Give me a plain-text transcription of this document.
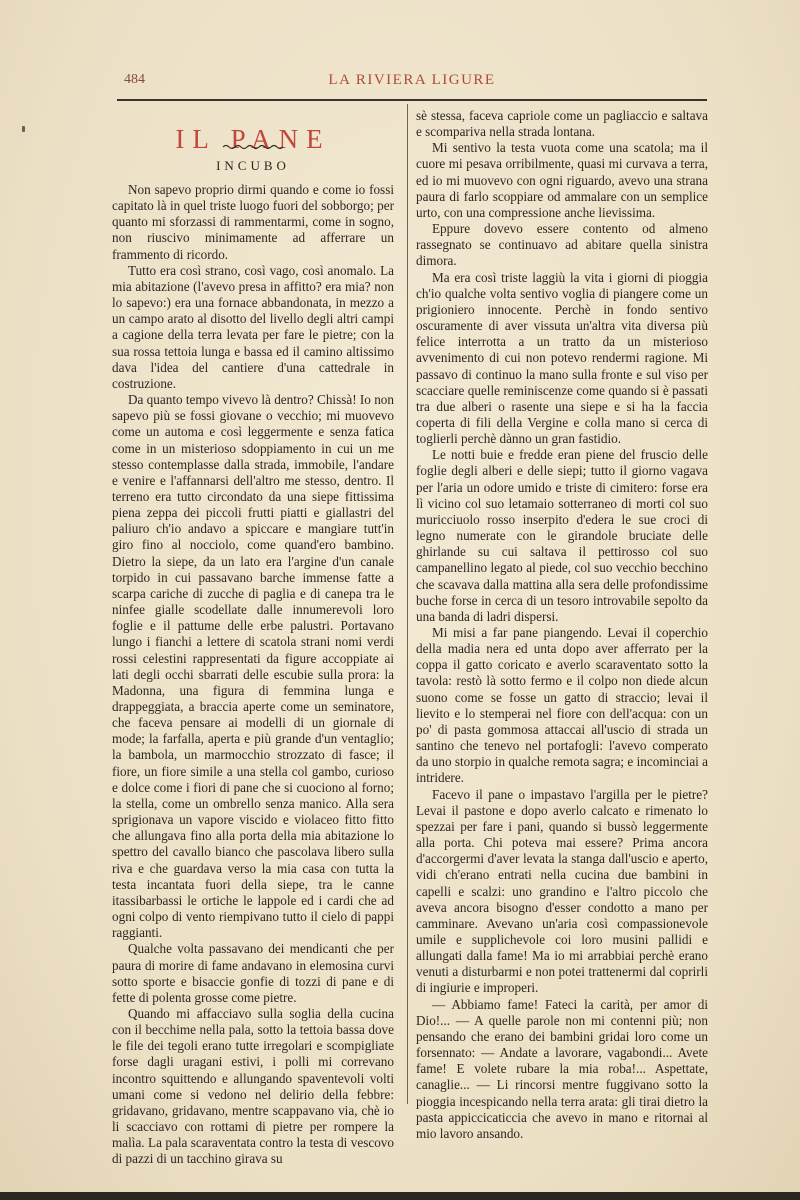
484	LA RIVIERA LIGURE
IL PANE
INCUBO

Non sapevo proprio dirmi quando e come io fossi capitato là in quel triste luogo fuori del sobborgo; per quanto mi sforzassi di rammentarmi, come in sogno, non riuscivo minimamente ad afferrare un frammento di ricordo.

Tutto era così strano, così vago, così anomalo. La mia abitazione (l'avevo presa in affitto? era mia? non lo sapevo:) era una fornace abbandonata, in mezzo a un campo arato al disotto del livello degli altri campi a cagione della terra levata per fare le pietre; con la sua rossa tettoia lunga e bassa ed il camino altissimo dava l'idea del cantiere d'una cattedrale in costruzione.

Da quanto tempo vivevo là dentro? Chissà! Io non sapevo più se fossi giovane o vecchio; mi muovevo come un automa e così leggermente e senza fatica come in un misterioso sdoppiamento in cui un me stesso contemplasse dalla strada, immobile, l'andare e venire e l'affannarsi dell'altro me stesso, dentro. Il terreno era tutto circondato da una siepe fittissima piena zeppa dei piccoli frutti piatti e giallastri del paliuro ch'io andavo a spiccare e mangiare tutt'in giro fino al nocciolo, come quand'ero bambino. Dietro la siepe, da un lato era l'argine d'un canale torpido in cui passavano barche immense fatte a scarpa cariche di zucche di paglia e di canepa tra le ninfee gialle scodellate dalle innumerevoli loro foglie e il pattume delle erbe palustri. Portavano lungo i fianchi a lettere di scatola strani nomi verdi rossi celestini rappresentati da figure accoppiate ai lati degli occhi sbarrati delle escubie sulla prora: la Madonna, una figura di femmina lunga e drappeggiata, a braccia aperte come un seminatore, che faceva pensare ai modelli di un giornale di mode; la farfalla, aperta e più grande d'un ventaglio; la bambola, un marmocchio strozzato di fasce; il fiore, un fiore simile a una stella col gambo, curioso e dolce come i fiori di pane che si cuociono al forno; la stella, come un ombrello senza manico. Alla sera sprigionava un vapore viscido e violaceo fitto fitto che allungava fino alla porta della mia abitazione lo spettro del cavallo bianco che pascolava libero sulla riva e che guardava verso la mia casa con tutta la testa incantata fuori della siepe, tra le canne itassibarbassi le ortiche le lappole ed i cardi che ad ogni colpo di vento riempivano tutto il cielo di pappi raggianti.

Qualche volta passavano dei mendicanti che per paura di morire di fame andavano in elemosina curvi sotto sporte e bisaccie gonfie di tozzi di pane e di fette di polenta grosse come pietre.

Quando mi affacciavo sulla soglia della cucina con il becchime nella pala, sotto la tettoia bassa dove le file dei tegoli erano tutte irregolari e scompigliate forse dagli uragani estivi, i polli mi correvano incontro squittendo e allungando spaventevoli volti umani come si vedono nel delirio della febbre: gridavano, gridavano, mentre scappavano via, chè io li scacciavo con rottami di pietre per rompere la malìa. La pala scaraventata contro la testa di vescovo di pazzi di un tacchino girava su

sè stessa, faceva capriole come un pagliaccio e saltava e scompariva nella strada lontana.

Mi sentivo la testa vuota come una scatola; ma il cuore mi pesava orribilmente, quasi mi curvava a terra, ed io mi muovevo con ogni riguardo, avevo una strana paura di farlo scoppiare od ammalare con un semplice urto, con una compressione anche lievissima.

Eppure dovevo essere contento od almeno rassegnato se continuavo ad abitare quella sinistra dimora.

Ma era così triste laggiù la vita i giorni di pioggia ch'io qualche volta sentivo voglia di piangere come un prigioniero innocente. Perchè in fondo sentivo oscuramente di aver vissuta un'altra vita diversa più felice interrotta a un tratto da un misterioso avvenimento di cui non potevo rendermi ragione. Mi passavo di continuo la mano sulla fronte e sul viso per scacciare quelle reminiscenze come quando si è passati tra due alberi o rasente una siepe e si ha la faccia coperta di fili della Vergine e colla mano si cerca di toglierli perchè dànno un gran fastidio.

Le notti buie e fredde eran piene del fruscio delle foglie degli alberi e delle siepi; tutto il giorno vagava per l'aria un odore umido e triste di cimitero: forse era lì vicino col suo letamaio sotterraneo di morti col suo muricciuolo rosso inserpito d'edera le sue croci di legno numerate con le girandole bruciate delle ghirlande su cui saltava il pettirosso col suo campanellino legato al piede, col suo vecchio becchino che scavava dalla mattina alla sera delle profondissime buche forse in cerca di un tesoro introvabile sepolto da una banda di ladri dispersi.

Mi misi a far pane piangendo. Levai il coperchio della madia nera ed unta dopo aver afferrato per la coppa il gatto coricato e averlo scaraventato sotto la tavola: restò là sotto fermo e il colpo non diede alcun suono come se fosse un gatto di straccio; levai il lievito e lo stemperai nel fiore con dell'acqua: con un po' di pasta gommosa attaccai all'uscio di strada un santino che tenevo nel portafogli: l'avevo comperato da uno storpio in qualche remota sagra; e incominciai a intridere.

Facevo il pane o impastavo l'argilla per le pietre? Levai il pastone e dopo averlo calcato e rimenato lo spezzai per fare i pani, quando si bussò leggermente alla porta. Chi poteva mai essere? Prima ancora d'accorgermi d'aver levata la stanga dall'uscio e aperto, vidi ch'erano entrati nella cucina due bambini in capelli e scalzi: uno grandino e l'altro piccolo che aveva ancora bisogno d'esser condotto a mano per camminare. Avevano un'aria così compassionevole umile e supplichevole coi loro musini pallidi e allungati dalla fame! Ma io mi arrabbiai perchè erano venuti a disturbarmi e non potei trattenermi dal coprirli di ingiurie e improperi.

— Abbiamo fame! Fateci la carità, per amor di Dio!... — A quelle parole non mi contenni più; non pensando che erano dei bambini gridai loro come un forsennato: — Andate a lavorare, vagabondi... Avete fame! E volete rubare la mia roba!... Aspettate, canaglie... — Li rincorsi mentre fuggivano sotto la pioggia incespicando nella terra arata: gli tirai dietro la pasta appiccicaticcia che avevo in mano e ritornai al mio lavoro ansando.
